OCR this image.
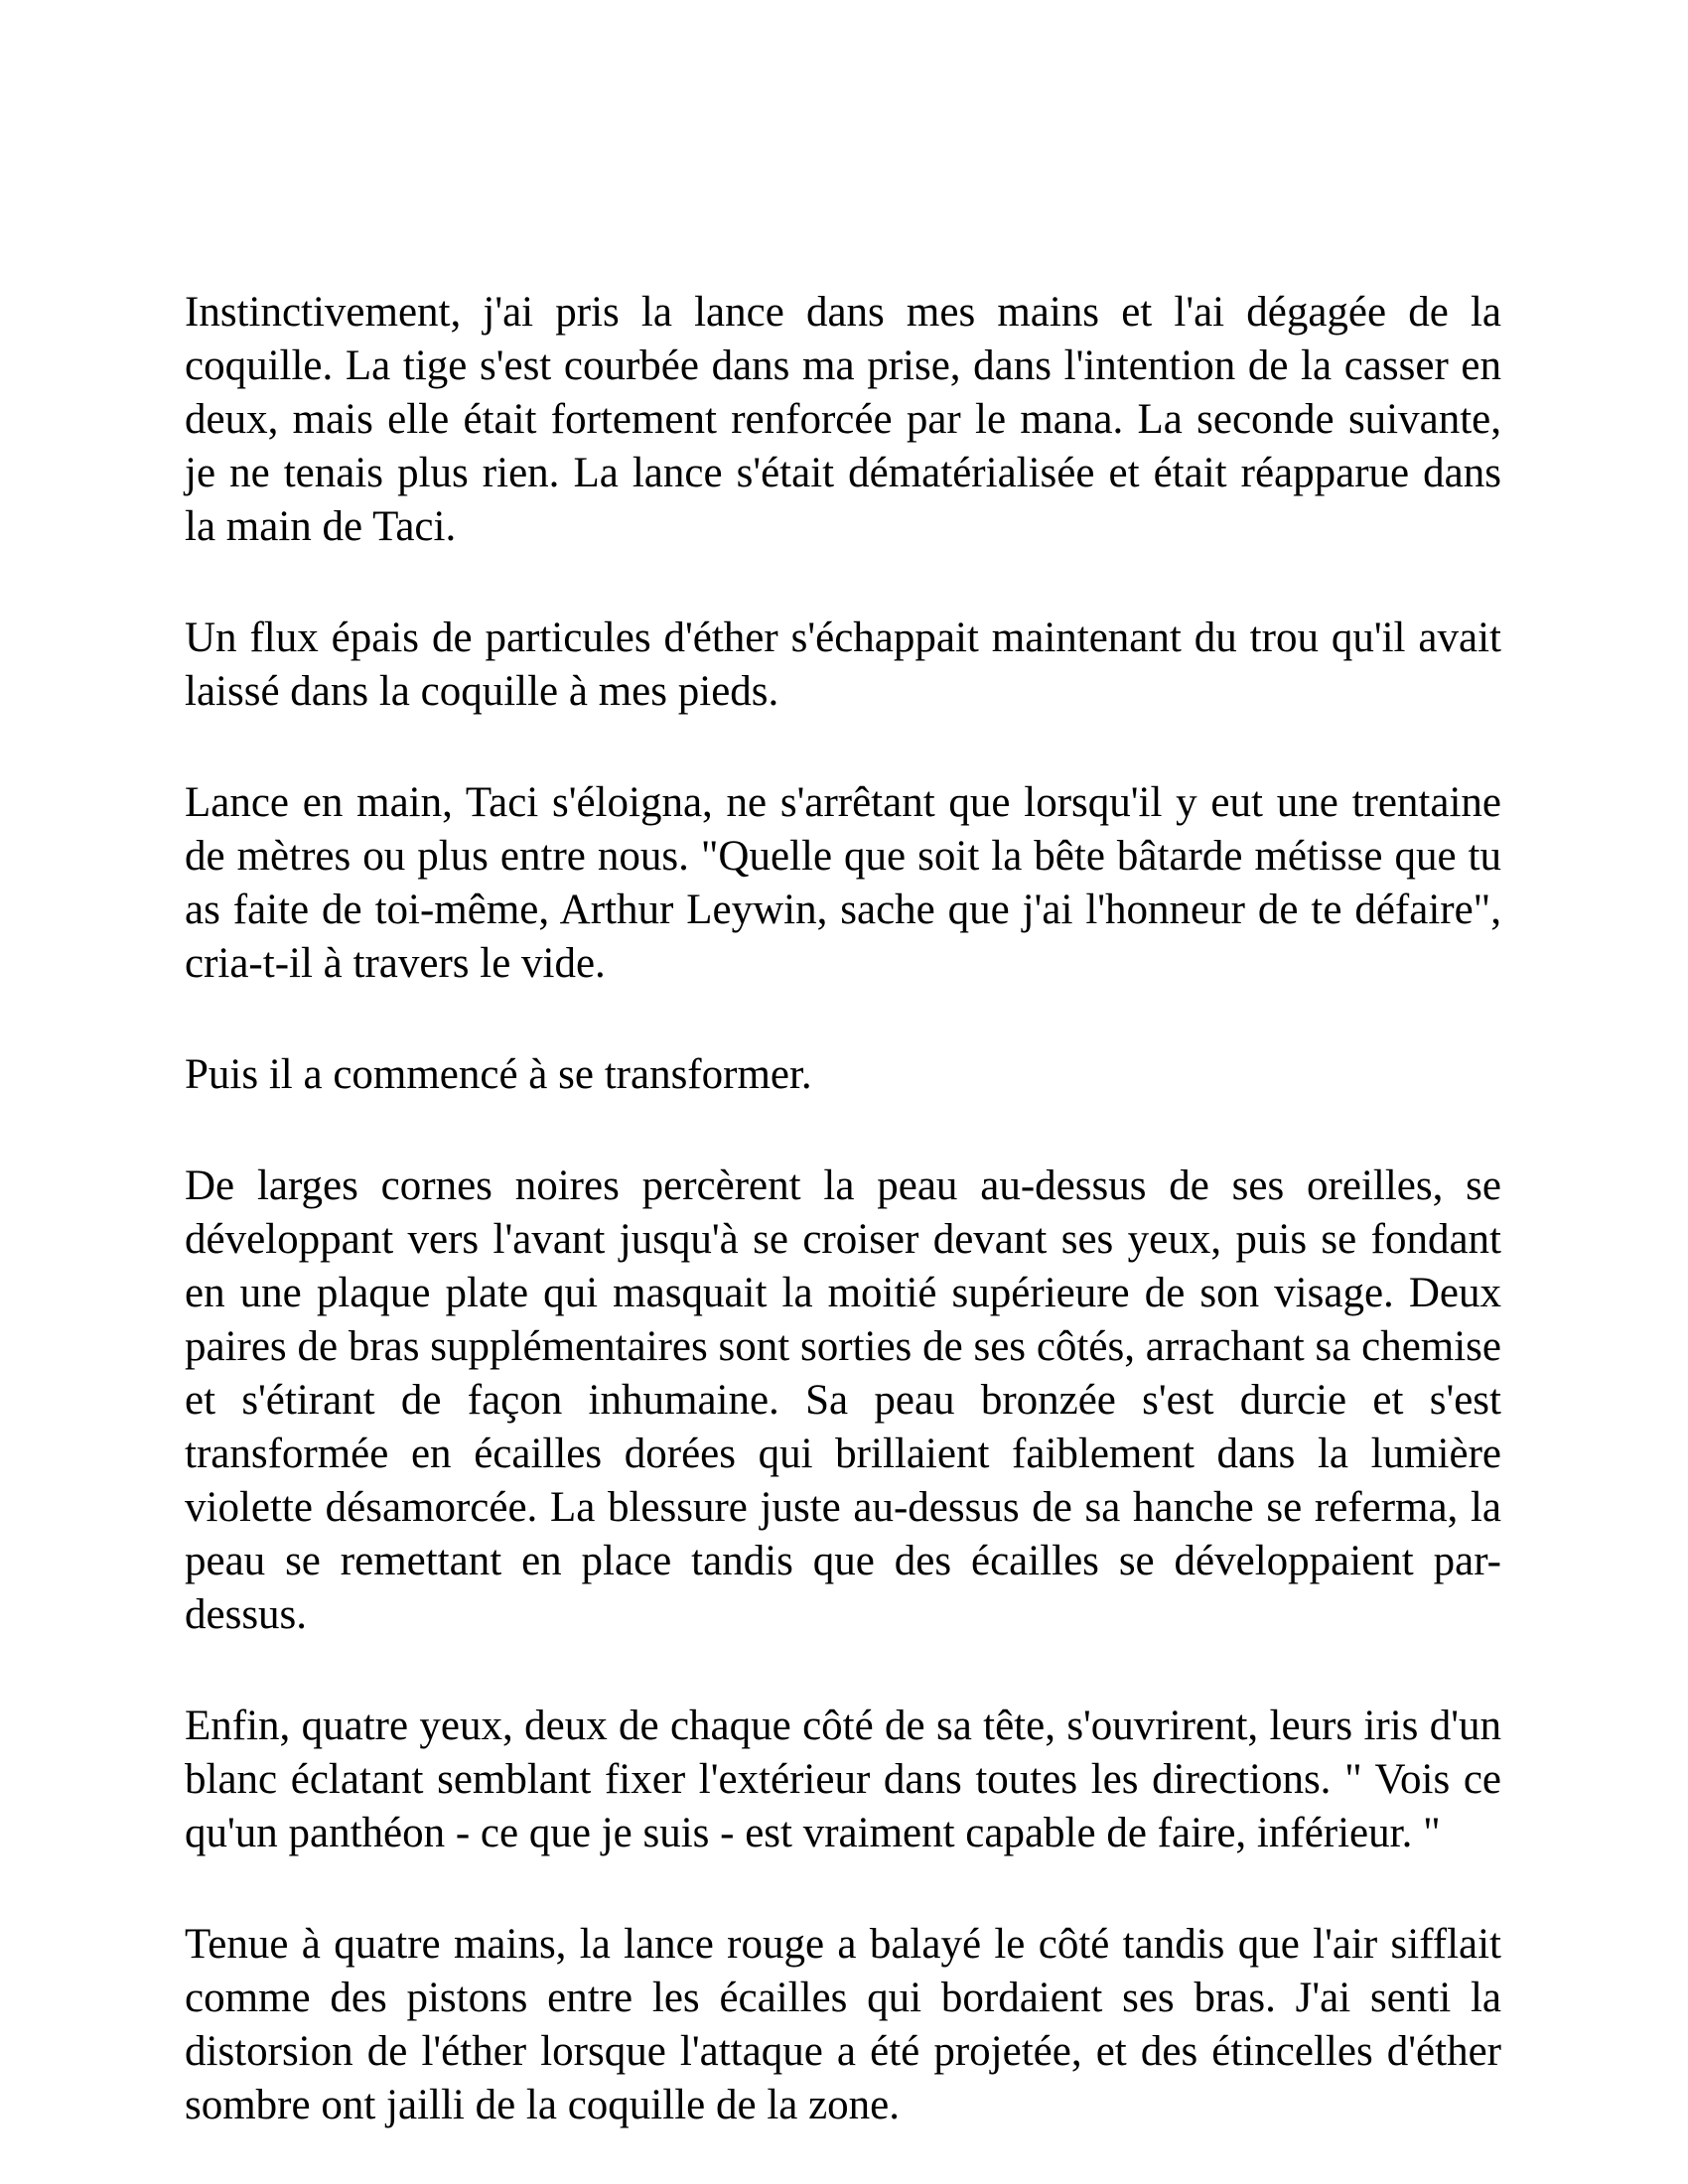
Instinctivement, j'ai pris la lance dans mes mains et l'ai dégagée de la coquille. La tige s'est courbée dans ma prise, dans l'intention de la casser en deux, mais elle était fortement renforcée par le mana. La seconde suivante, je ne tenais plus rien. La lance s'était dématérialisée et était réapparue dans la main de Taci.

Un flux épais de particules d'éther s'échappait maintenant du trou qu'il avait laissé dans la coquille à mes pieds.

Lance en main, Taci s'éloigna, ne s'arrêtant que lorsqu'il y eut une trentaine de mètres ou plus entre nous. "Quelle que soit la bête bâtarde métisse que tu as faite de toi-même, Arthur Leywin, sache que j'ai l'honneur de te défaire", cria-t-il à travers le vide.

Puis il a commencé à se transformer.

De larges cornes noires percèrent la peau au-dessus de ses oreilles, se développant vers l'avant jusqu'à se croiser devant ses yeux, puis se fondant en une plaque plate qui masquait la moitié supérieure de son visage. Deux paires de bras supplémentaires sont sorties de ses côtés, arrachant sa chemise et s'étirant de façon inhumaine. Sa peau bronzée s'est durcie et s'est transformée en écailles dorées qui brillaient faiblement dans la lumière violette désamorcée. La blessure juste au-dessus de sa hanche se referma, la peau se remettant en place tandis que des écailles se développaient par-dessus.

Enfin, quatre yeux, deux de chaque côté de sa tête, s'ouvrirent, leurs iris d'un blanc éclatant semblant fixer l'extérieur dans toutes les directions. " Vois ce qu'un panthéon - ce que je suis - est vraiment capable de faire, inférieur. "

Tenue à quatre mains, la lance rouge a balayé le côté tandis que l'air sifflait comme des pistons entre les écailles qui bordaient ses bras. J'ai senti la distorsion de l'éther lorsque l'attaque a été projetée, et des étincelles d'éther sombre ont jailli de la coquille de la zone.
